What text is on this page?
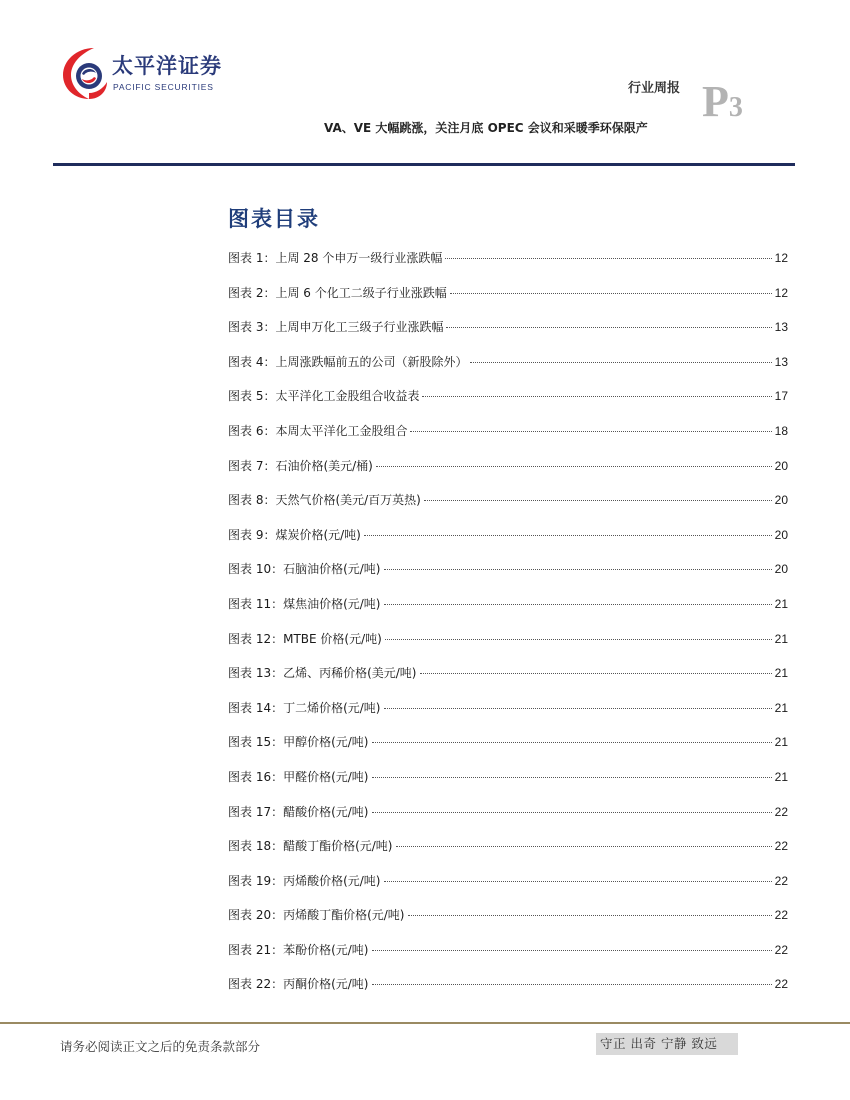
太平洋证券
PACIFIC SECURITIES	行业周报 P3
VA、VE 大幅跳涨，关注月底 OPEC 会议和采暖季环保限产
图表目录
图表 1：上周 28 个申万一级行业涨跌幅	12
图表 2：上周 6 个化工二级子行业涨跌幅	12
图表 3：上周申万化工三级子行业涨跌幅	13
图表 4：上周涨跌幅前五的公司（新股除外）	13
图表 5：太平洋化工金股组合收益表	17
图表 6：本周太平洋化工金股组合	18
图表 7：石油价格(美元/桶)	20
图表 8：天然气价格(美元/百万英热)	20
图表 9：煤炭价格(元/吨)	20
图表 10：石脑油价格(元/吨)	20
图表 11：煤焦油价格(元/吨)	21
图表 12：MTBE 价格(元/吨)	21
图表 13：乙烯、丙稀价格(美元/吨)	21
图表 14：丁二烯价格(元/吨)	21
图表 15：甲醇价格(元/吨)	21
图表 16：甲醛价格(元/吨)	21
图表 17：醋酸价格(元/吨)	22
图表 18：醋酸丁酯价格(元/吨)	22
图表 19：丙烯酸价格(元/吨)	22
图表 20：丙烯酸丁酯价格(元/吨)	22
图表 21：苯酚价格(元/吨)	22
图表 22：丙酮价格(元/吨)	22
请务必阅读正文之后的免责条款部分	守正 出奇 宁静 致远
